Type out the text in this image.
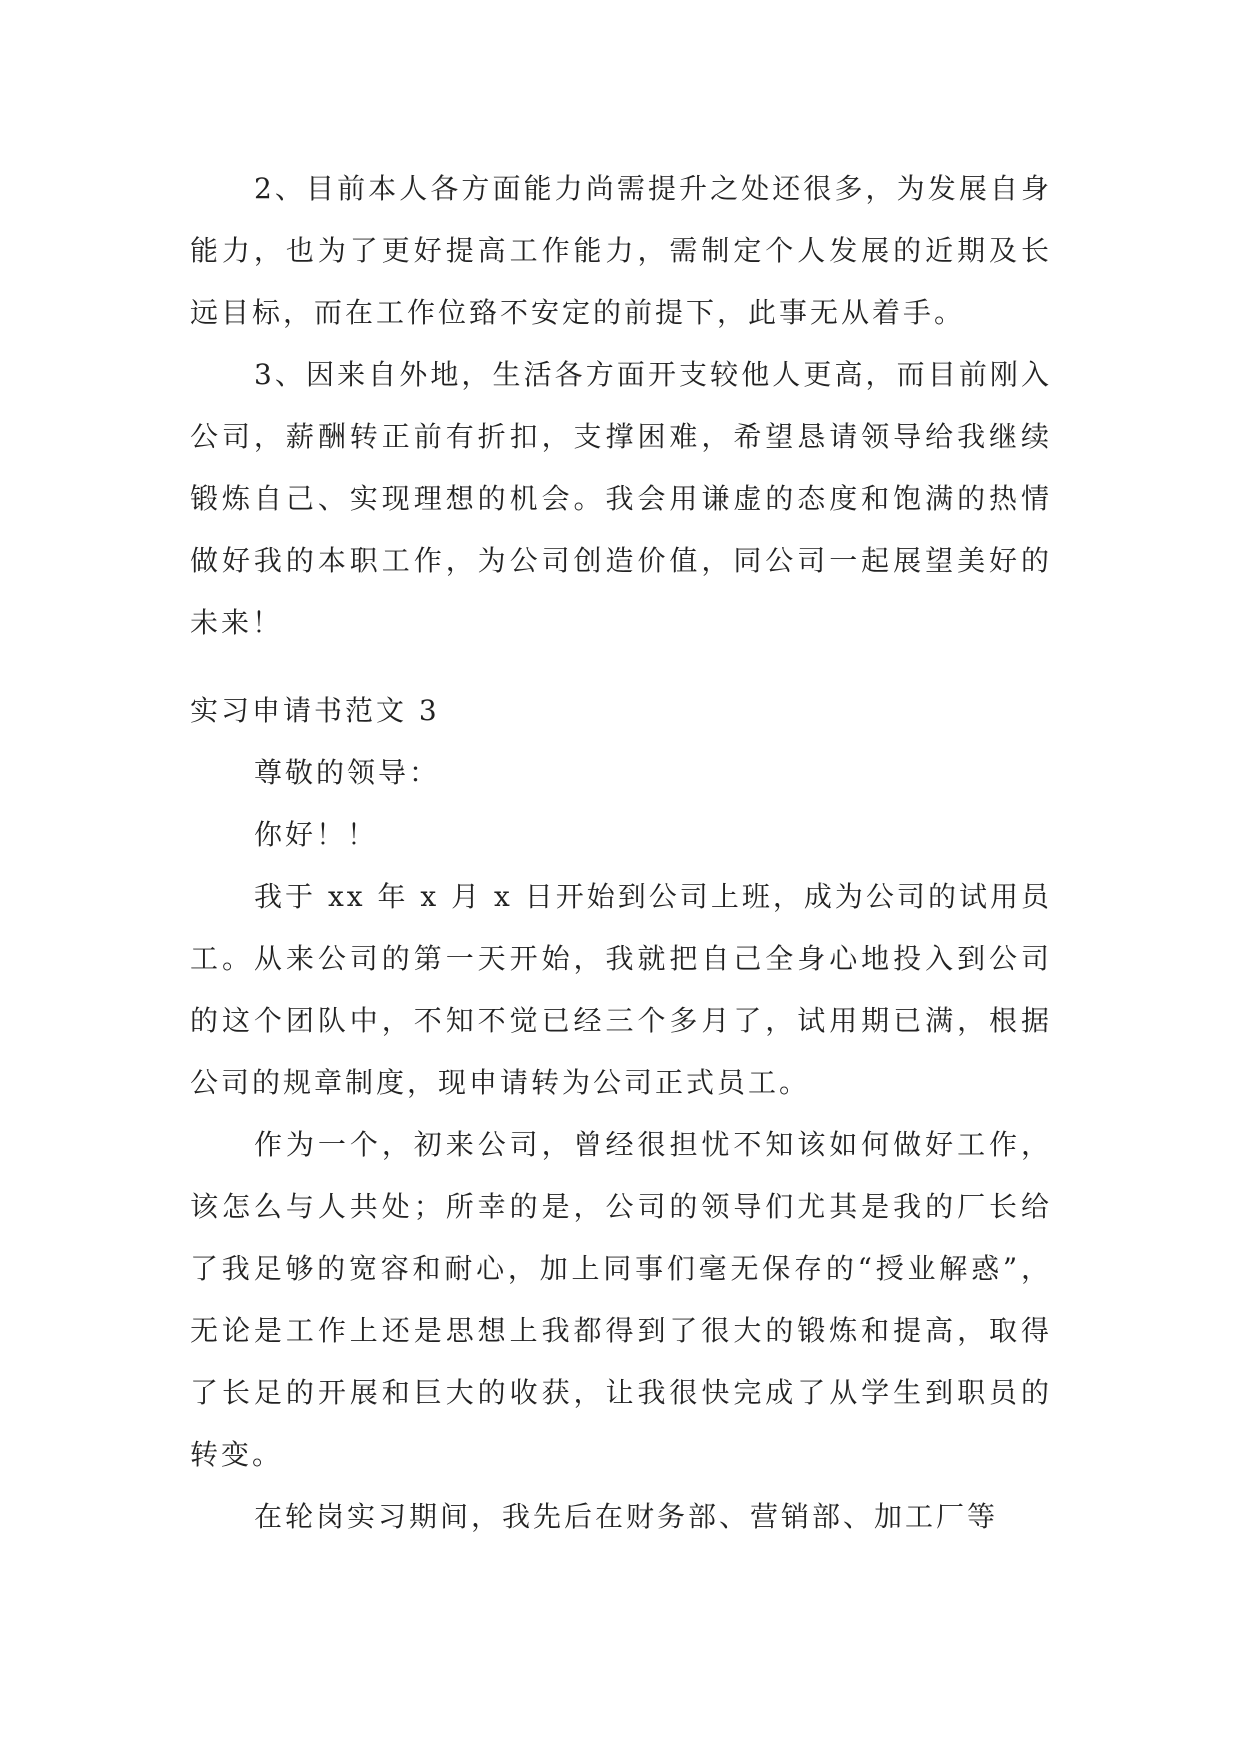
2、目前本人各方面能力尚需提升之处还很多，为发展自身能力，也为了更好提高工作能力，需制定个人发展的近期及长远目标，而在工作位臵不安定的前提下，此事无从着手。

3、因来自外地，生活各方面开支较他人更高，而目前刚入公司，薪酬转正前有折扣，支撑困难，希望恳请领导给我继续锻炼自己、实现理想的机会。我会用谦虚的态度和饱满的热情做好我的本职工作，为公司创造价值，同公司一起展望美好的未来！

实习申请书范文 3

尊敬的领导：

你好！！

我于 xx 年 x 月 x 日开始到公司上班，成为公司的试用员工。从来公司的第一天开始，我就把自己全身心地投入到公司的这个团队中，不知不觉已经三个多月了，试用期已满，根据公司的规章制度，现申请转为公司正式员工。

作为一个，初来公司，曾经很担忧不知该如何做好工作，该怎么与人共处；所幸的是，公司的领导们尤其是我的厂长给了我足够的宽容和耐心，加上同事们毫无保存的“授业解惑”，无论是工作上还是思想上我都得到了很大的锻炼和提高，取得了长足的开展和巨大的收获，让我很快完成了从学生到职员的转变。

在轮岗实习期间，我先后在财务部、营销部、加工厂等
